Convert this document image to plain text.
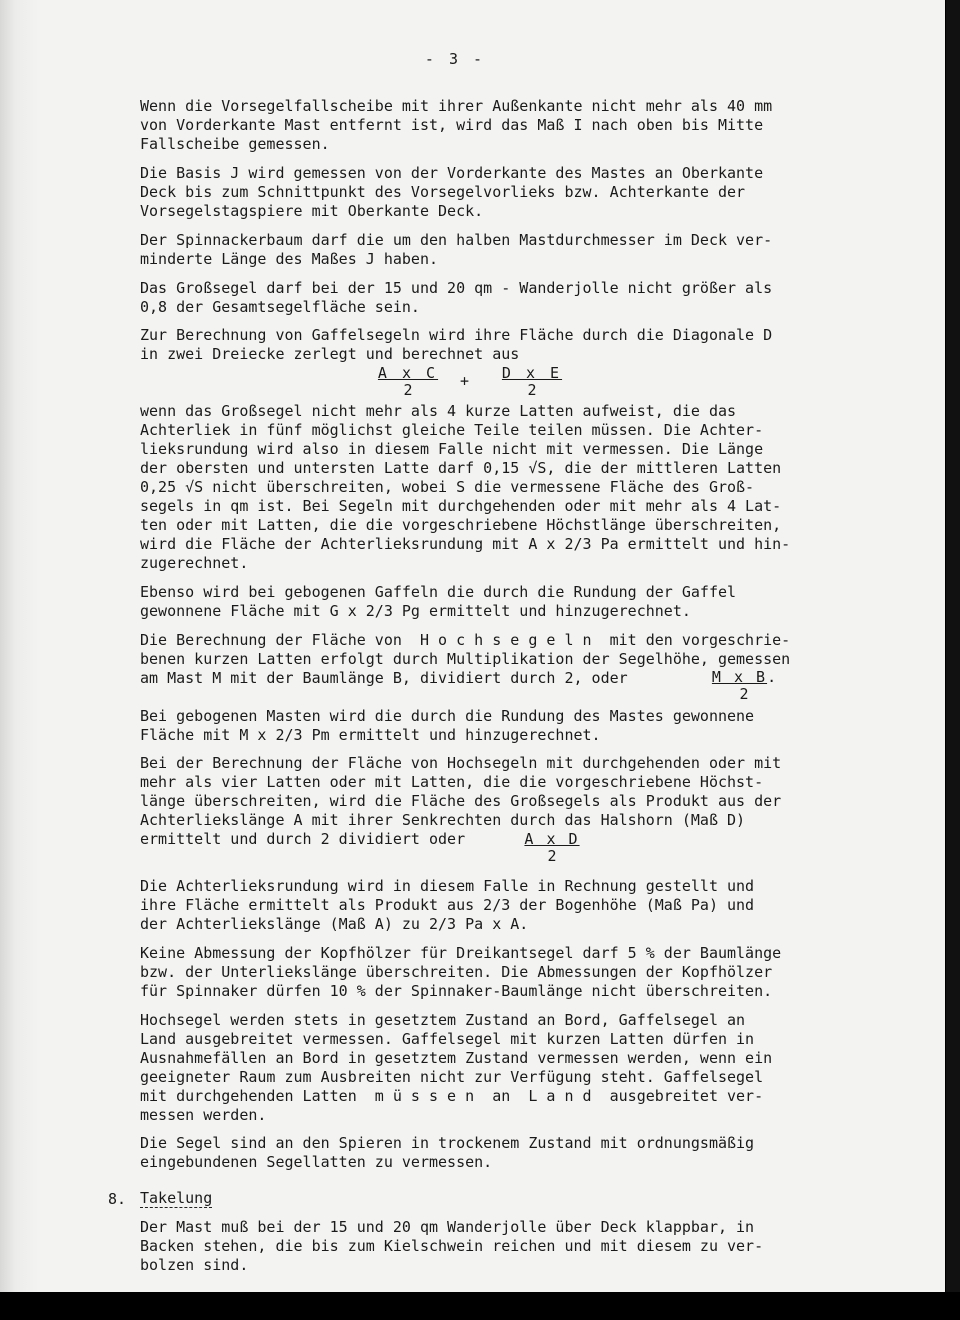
- 3 -
Wenn die Vorsegelfallscheibe mit ihrer Außenkante nicht mehr als 40 mm
von Vorderkante Mast entfernt ist, wird das Maß I nach oben bis Mitte
Fallscheibe gemessen.
Die Basis J wird gemessen von der Vorderkante des Mastes an Oberkante
Deck bis zum Schnittpunkt des Vorsegelvorlieks bzw. Achterkante der
Vorsegelstagspiere mit Oberkante Deck.
Der Spinnackerbaum darf die um den halben Mastdurchmesser im Deck ver-
minderte Länge des Maßes J haben.
Das Großsegel darf bei der 15 und 20 qm - Wanderjolle nicht größer als
0,8 der Gesamtsegelfläche sein.
Zur Berechnung von Gaffelsegeln wird ihre Fläche durch die Diagonale D
in zwei Dreiecke zerlegt und berechnet aus
wenn das Großsegel nicht mehr als 4 kurze Latten aufweist, die das
Achterliek in fünf möglichst gleiche Teile teilen müssen. Die Achter-
lieksrundung wird also in diesem Falle nicht mit vermessen. Die Länge
der obersten und untersten Latte darf 0,15 √S, die der mittleren Latten
0,25 √S nicht überschreiten, wobei S die vermessene Fläche des Groß-
segels in qm ist. Bei Segeln mit durchgehenden oder mit mehr als 4 Lat-
ten oder mit Latten, die die vorgeschriebene Höchstlänge überschreiten,
wird die Fläche der Achterlieksrundung mit A x 2/3 Pa ermittelt und hin-
zugerechnet.
Ebenso wird bei gebogenen Gaffeln die durch die Rundung der Gaffel
gewonnene Fläche mit G x 2/3 Pg ermittelt und hinzugerechnet.
Die Berechnung der Fläche von  H o c h s e g e l n  mit den vorgeschrie-
benen kurzen Latten erfolgt durch Multiplikation der Segelhöhe, gemessen
am Mast M mit der Baumlänge B, dividiert durch 2, oder
Bei gebogenen Masten wird die durch die Rundung des Mastes gewonnene
Fläche mit M x 2/3 Pm ermittelt und hinzugerechnet.
Bei der Berechnung der Fläche von Hochsegeln mit durchgehenden oder mit
mehr als vier Latten oder mit Latten, die die vorgeschriebene Höchst-
länge überschreiten, wird die Fläche des Großsegels als Produkt aus der
Achterliekslänge A mit ihrer Senkrechten durch das Halshorn (Maß D)
ermittelt und durch 2 dividiert oder
Die Achterlieksrundung wird in diesem Falle in Rechnung gestellt und
ihre Fläche ermittelt als Produkt aus 2/3 der Bogenhöhe (Maß Pa) und
der Achterliekslänge (Maß A) zu 2/3 Pa x A.
Keine Abmessung der Kopfhölzer für Dreikantsegel darf 5 % der Baumlänge
bzw. der Unterliekslänge überschreiten. Die Abmessungen der Kopfhölzer
für Spinnaker dürfen 10 % der Spinnaker-Baumlänge nicht überschreiten.
Hochsegel werden stets in gesetztem Zustand an Bord, Gaffelsegel an
Land ausgebreitet vermessen. Gaffelsegel mit kurzen Latten dürfen in
Ausnahmefällen an Bord in gesetztem Zustand vermessen werden, wenn ein
geeigneter Raum zum Ausbreiten nicht zur Verfügung steht. Gaffelsegel
mit durchgehenden Latten  m ü s s e n  an  L a n d  ausgebreitet ver-
messen werden.
Die Segel sind an den Spieren in trockenem Zustand mit ordnungsmäßig
eingebundenen Segellatten zu vermessen.
$\frac{\text{A x C}}{2} + \frac{\text{D x E}}{2}$
M x B.
2
$\frac{\text{A x D}}{2}$
8. Takelung
Der Mast muß bei der 15 und 20 qm Wanderjolle über Deck klappbar, in
Backen stehen, die bis zum Kielschwein reichen und mit diesem zu ver-
bolzen sind.
